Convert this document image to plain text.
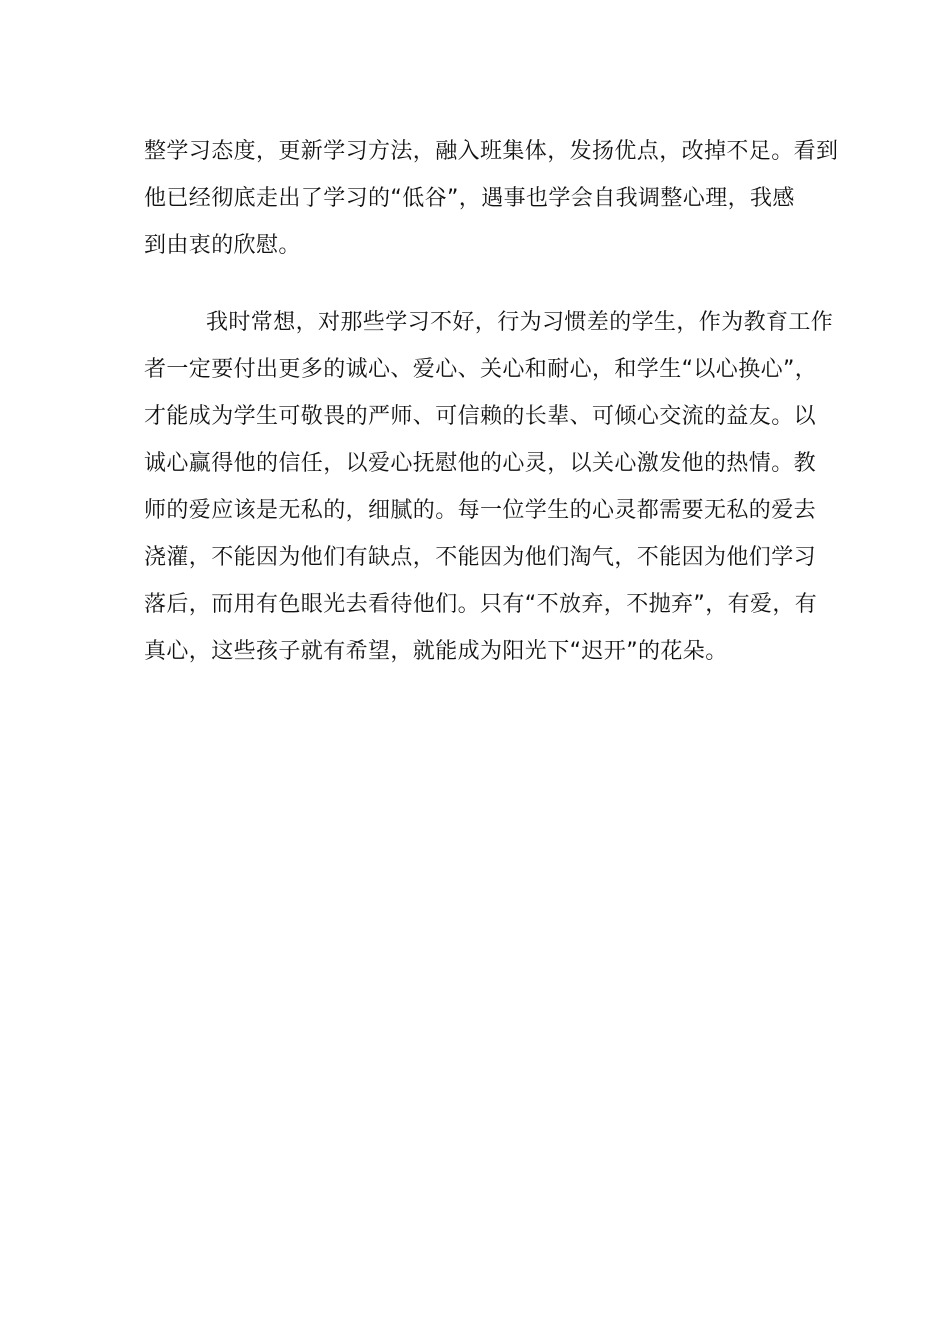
整学习态度，更新学习方法，融入班集体，发扬优点，改掉不足。看到
他已经彻底走出了学习的“低谷”，遇事也学会自我调整心理，我感
到由衷的欣慰。
我时常想，对那些学习不好，行为习惯差的学生，作为教育工作
者一定要付出更多的诚心、爱心、关心和耐心，和学生“以心换心”，
才能成为学生可敬畏的严师、可信赖的长辈、可倾心交流的益友。以
诚心赢得他的信任，以爱心抚慰他的心灵，以关心激发他的热情。教
师的爱应该是无私的，细腻的。每一位学生的心灵都需要无私的爱去
浇灌，不能因为他们有缺点，不能因为他们淘气，不能因为他们学习
落后，而用有色眼光去看待他们。只有“不放弃，不抛弃”，有爱，有
真心，这些孩子就有希望，就能成为阳光下“迟开”的花朵。
